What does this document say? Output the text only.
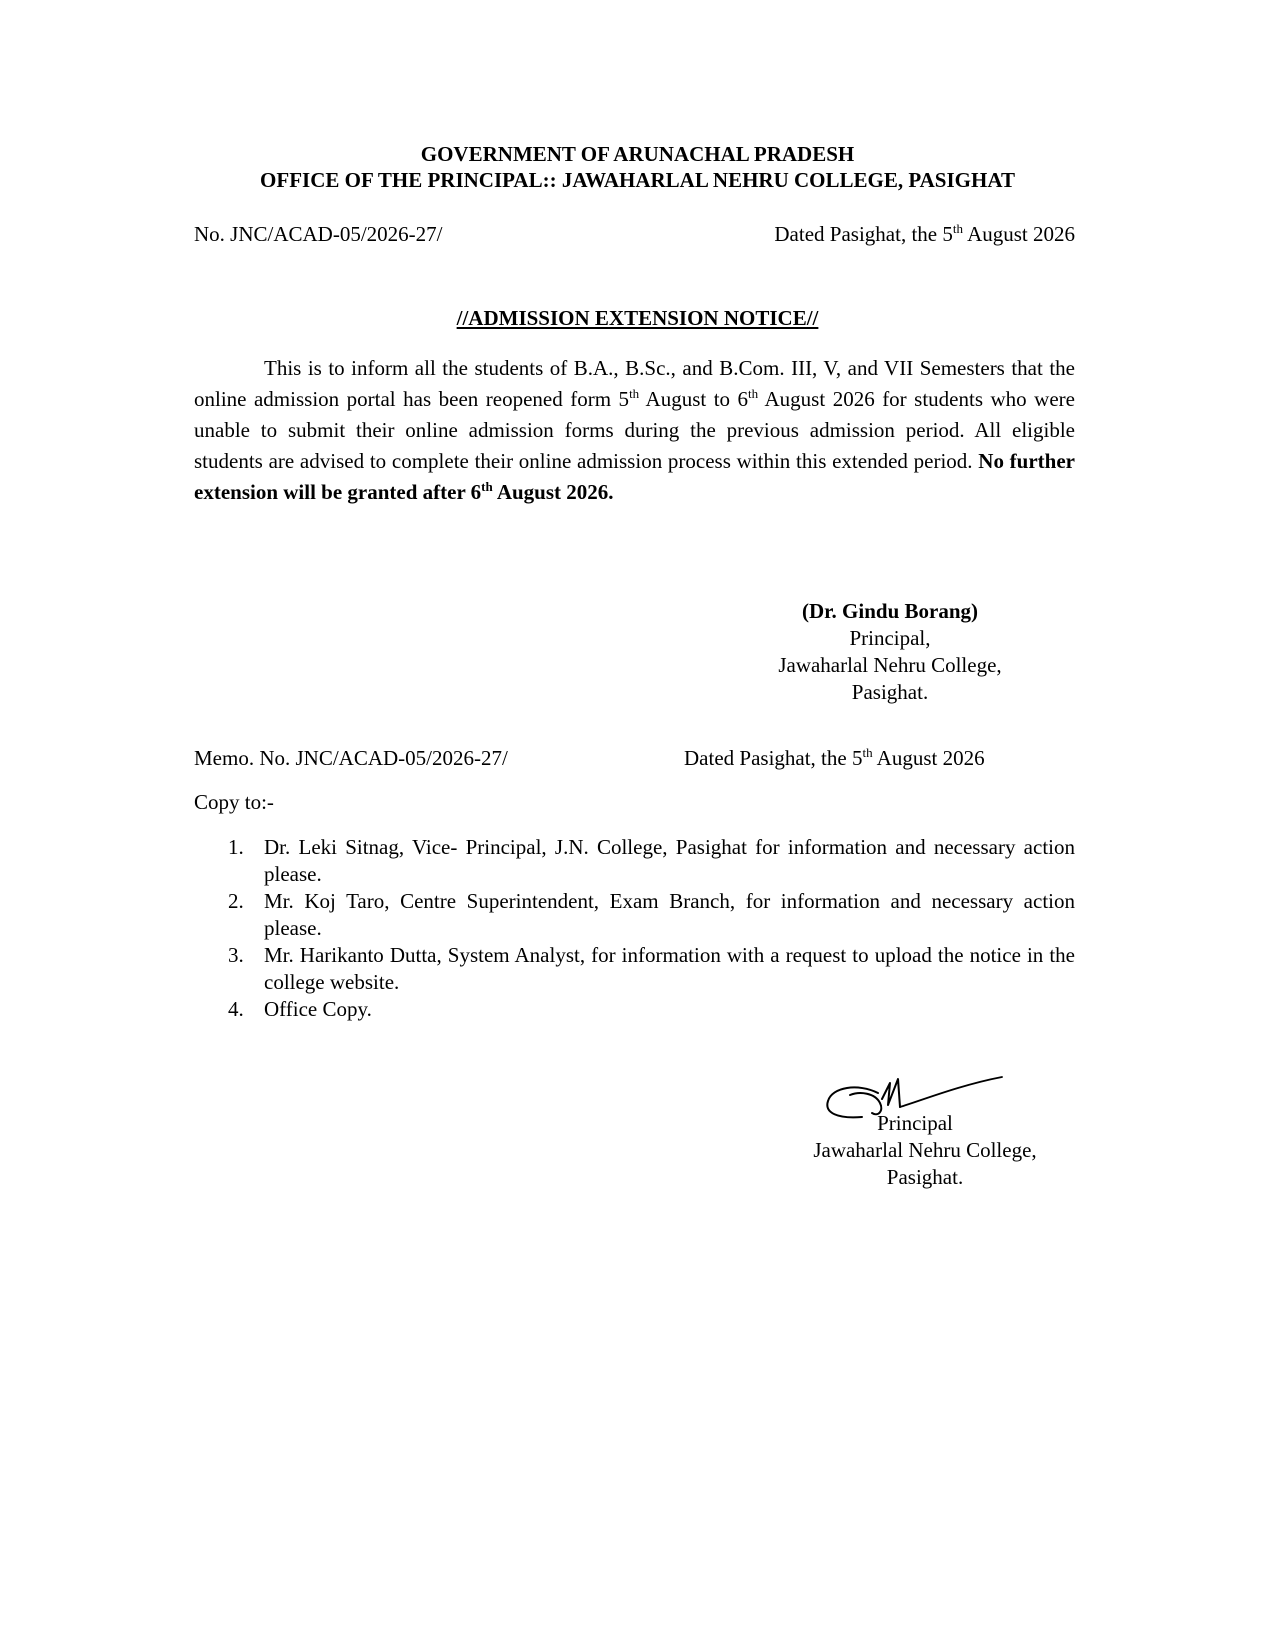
GOVERNMENT OF ARUNACHAL PRADESH
OFFICE OF THE PRINCIPAL:: JAWAHARLAL NEHRU COLLEGE, PASIGHAT
No. JNC/ACAD-05/2026-27/	Dated Pasighat, the 5th August 2026
//ADMISSION EXTENSION NOTICE//
This is to inform all the students of B.A., B.Sc., and B.Com. III, V, and VII Semesters that the online admission portal has been reopened form 5th August to 6th August 2026 for students who were unable to submit their online admission forms during the previous admission period. All eligible students are advised to complete their online admission process within this extended period. No further extension will be granted after 6th August 2026.
(Dr. Gindu Borang)
Principal,
Jawaharlal Nehru College,
Pasighat.
Memo. No. JNC/ACAD-05/2026-27/	Dated Pasighat, the 5th August 2026
Copy to:-
1. Dr. Leki Sitnag, Vice- Principal, J.N. College, Pasighat for information and necessary action please.
2. Mr. Koj Taro, Centre Superintendent, Exam Branch, for information and necessary action please.
3. Mr. Harikanto Dutta, System Analyst, for information with a request to upload the notice in the college website.
4. Office Copy.
Principal
Jawaharlal Nehru College,
Pasighat.
